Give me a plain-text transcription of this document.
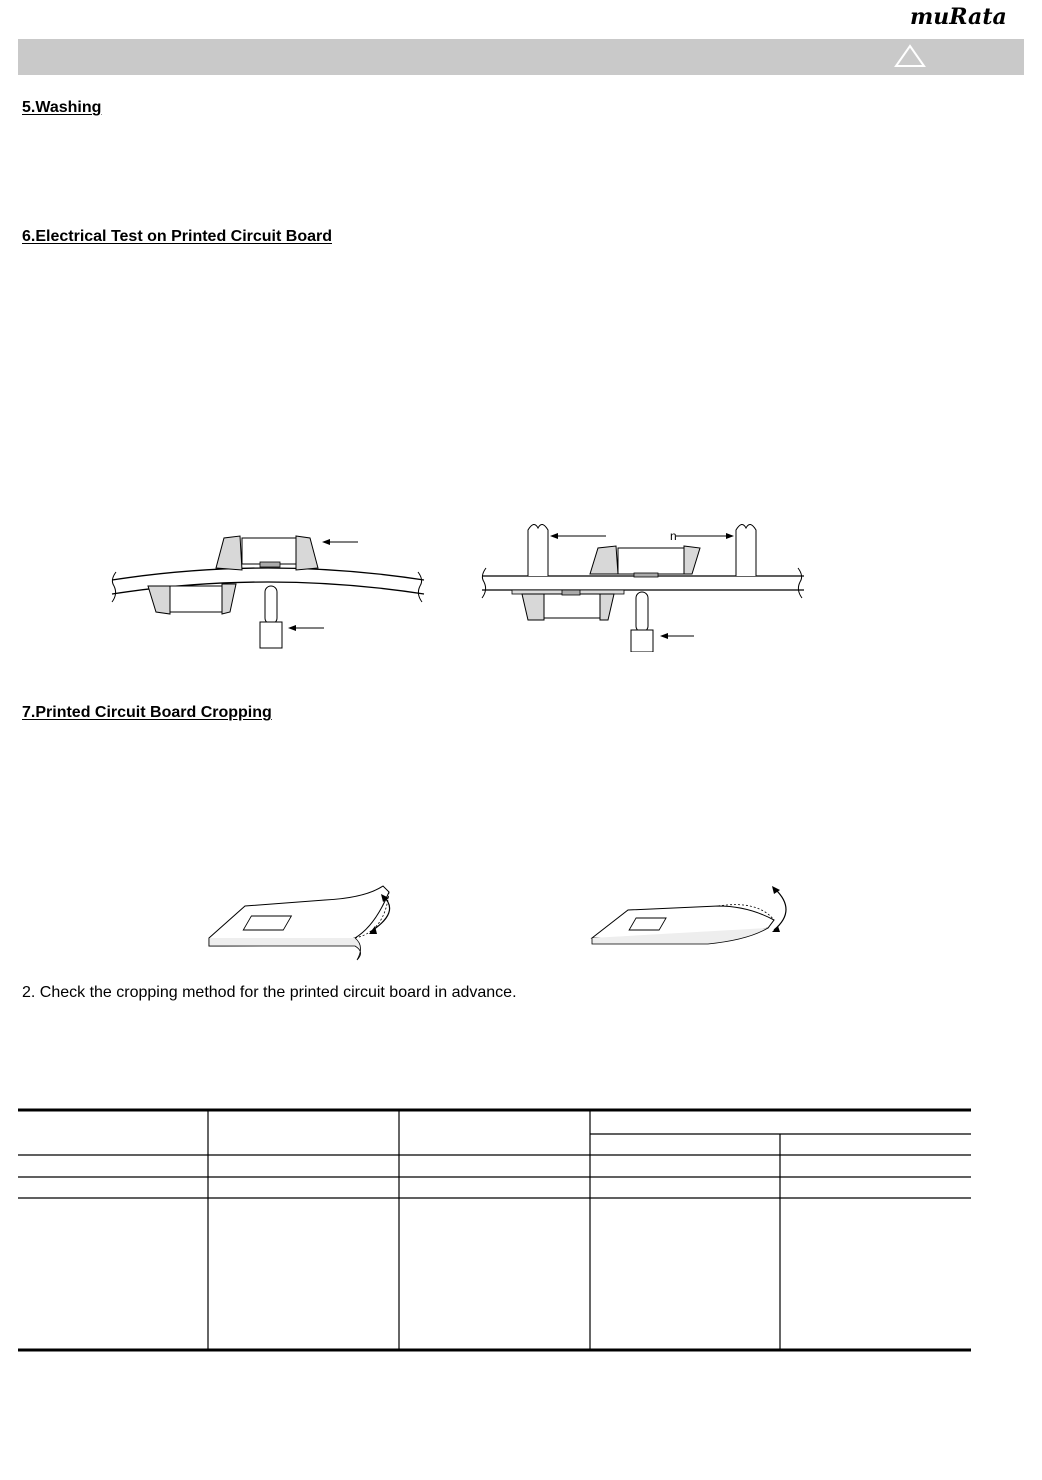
muRata
5.Washing
6.Electrical Test on Printed Circuit Board
7.Printed Circuit Board Cropping
n

2. Check the cropping method for the printed circuit board in advance.
